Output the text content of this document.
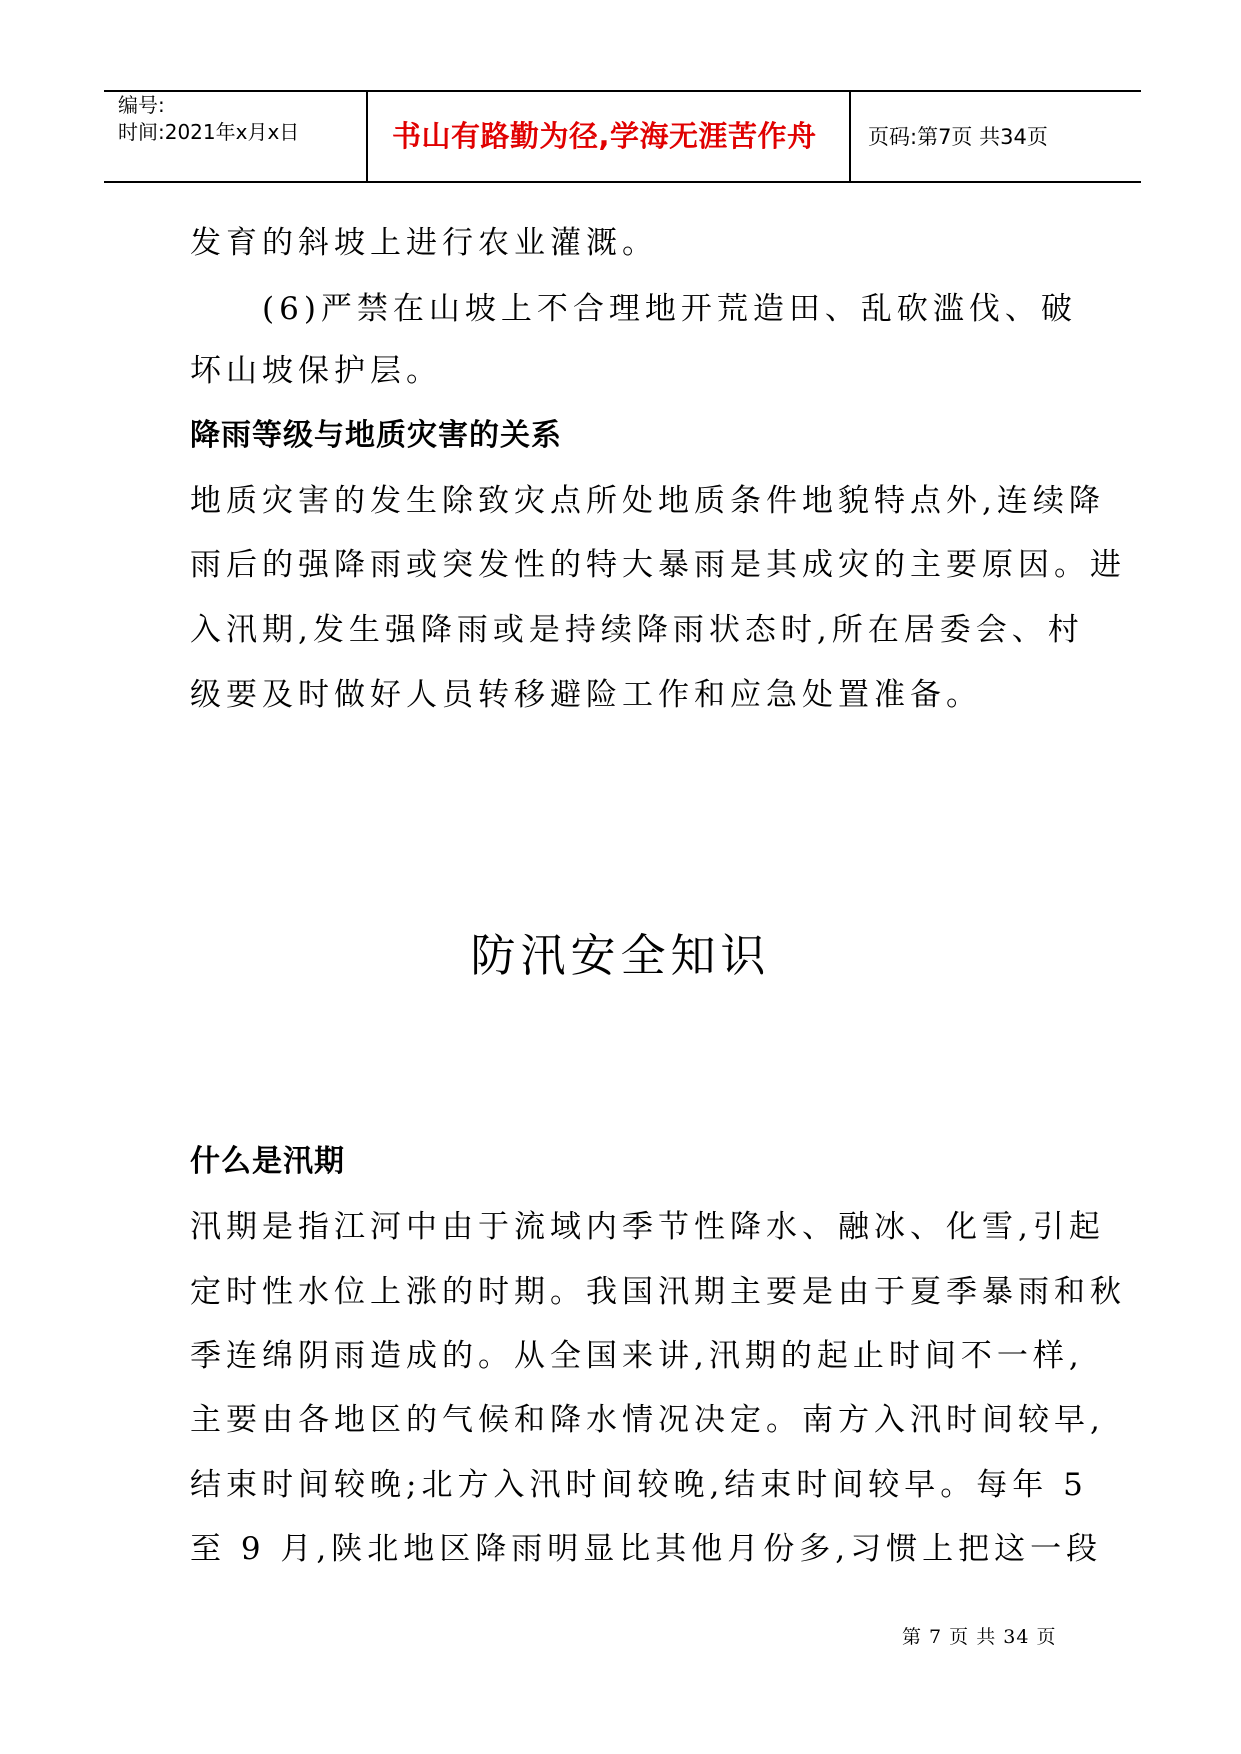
编号:
时间:2021年x月x日	书山有路勤为径,学海无涯苦作舟 页码:第7页 共34页
发育的斜坡上进行农业灌溉。
(6)严禁在山坡上不合理地开荒造田、乱砍滥伐、破
坏山坡保护层。
降雨等级与地质灾害的关系
地质灾害的发生除致灾点所处地质条件地貌特点外,连续降
雨后的强降雨或突发性的特大暴雨是其成灾的主要原因。进
入汛期,发生强降雨或是持续降雨状态时,所在居委会、村
级要及时做好人员转移避险工作和应急处置准备。
防汛安全知识
什么是汛期
汛期是指江河中由于流域内季节性降水、融冰、化雪,引起
定时性水位上涨的时期。我国汛期主要是由于夏季暴雨和秋
季连绵阴雨造成的。从全国来讲,汛期的起止时间不一样,
主要由各地区的气候和降水情况决定。南方入汛时间较早,
结束时间较晚;北方入汛时间较晚,结束时间较早。每年 5
至 9 月,陕北地区降雨明显比其他月份多,习惯上把这一段
第 7 页 共 34 页
